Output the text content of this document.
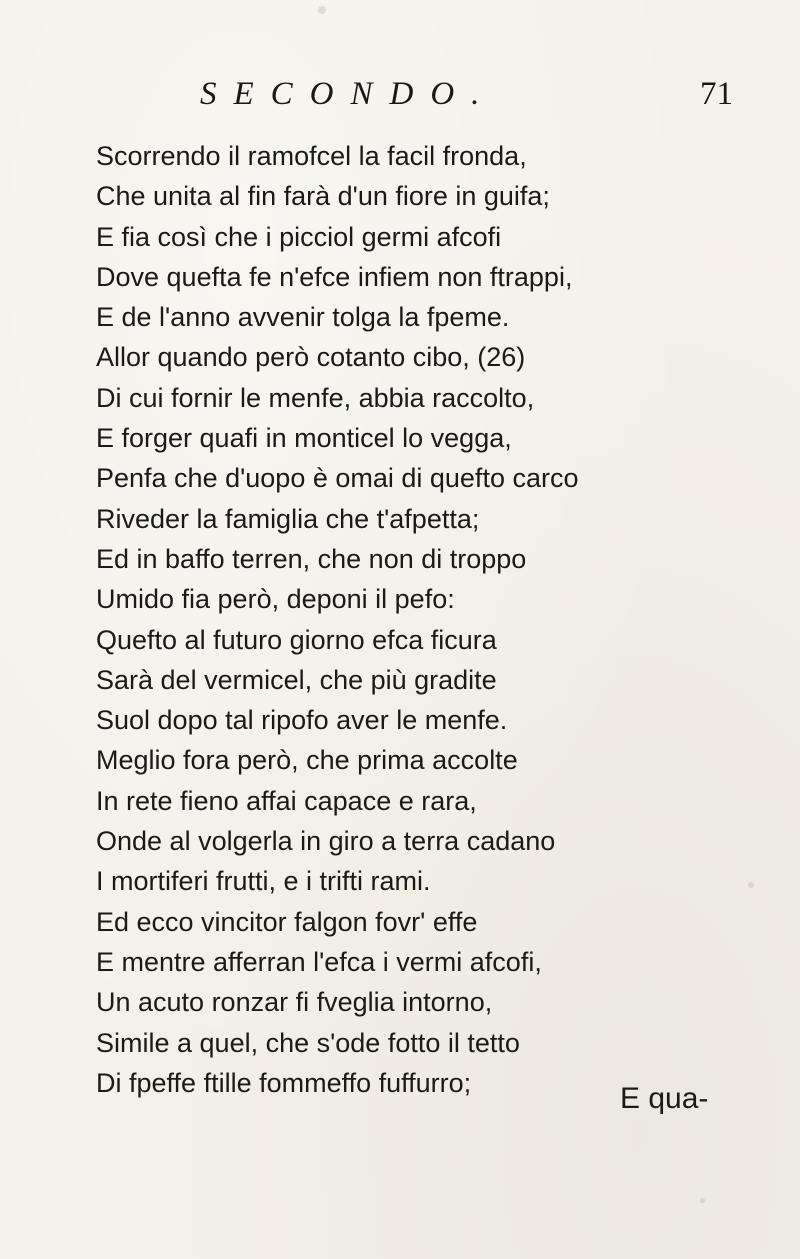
SECONDO.	71
Scorrendo il ramofcel la facil fronda,
Che unita al fin farà d'un fiore in guifa;
E fia così che i picciol germi afcofi
Dove quefta fe n'efce infiem non ftrappi,
E de l'anno avvenir tolga la fpeme.
Allor quando però cotanto cibo, (26)
Di cui fornir le menfe, abbia raccolto,
E forger quafi in monticel lo vegga,
Penfa che d'uopo è omai di quefto carco
Riveder la famiglia che t'afpetta;
Ed in baffo terren, che non di troppo
Umido fia però, deponi il pefo:
Quefto al futuro giorno efca ficura
Sarà del vermicel, che più gradite
Suol dopo tal ripofo aver le menfe.
Meglio fora però, che prima accolte
In rete fieno affai capace e rara,
Onde al volgerla in giro a terra cadano
I mortiferi frutti, e i trifti rami.
Ed ecco vincitor falgon fovr' effe
E mentre afferran l'efca i vermi afcofi,
Un acuto ronzar fi fveglia intorno,
Simile a quel, che s'ode fotto il tetto
Di fpeffe ftille fommeffo fuffurro;	E qua-
